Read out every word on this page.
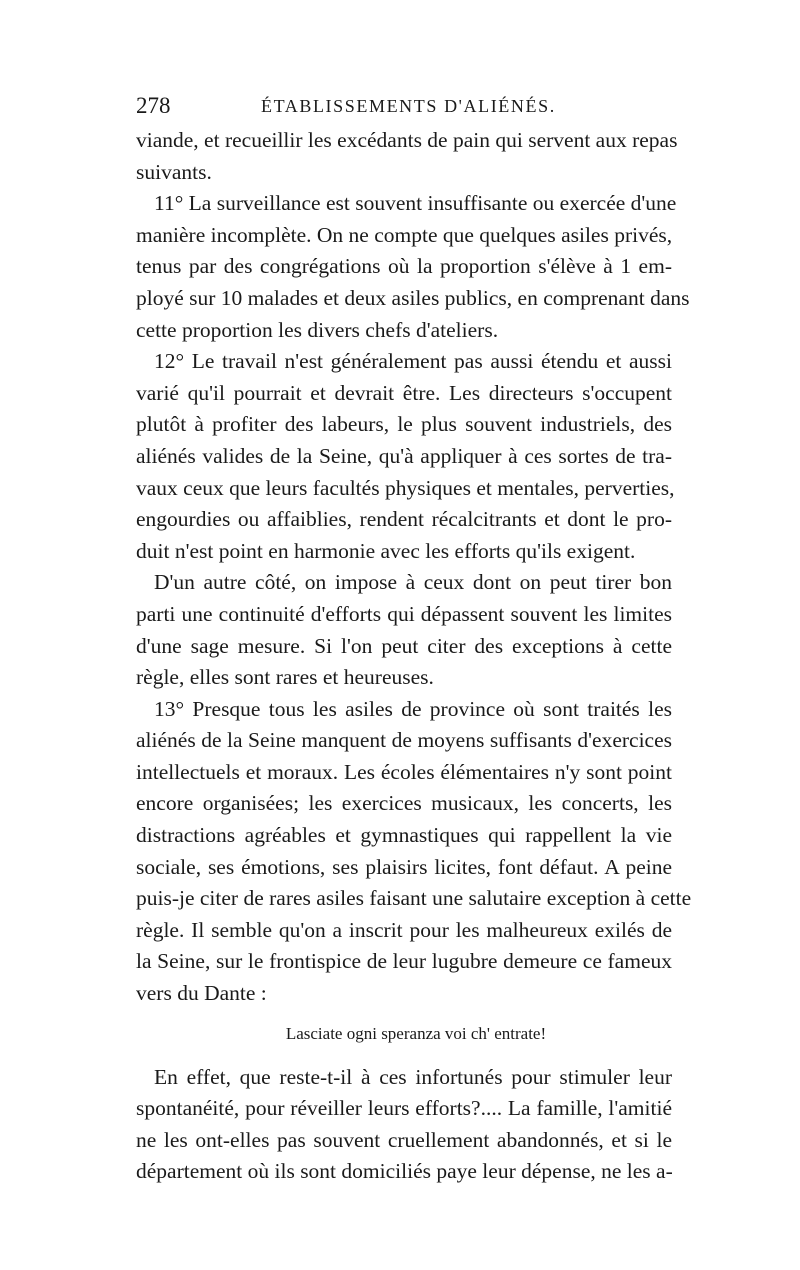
278	ÉTABLISSEMENTS D'ALIÉNÉS.
viande, et recueillir les excédants de pain qui servent aux repas
suivants.
11° La surveillance est souvent insuffisante ou exercée d'une
manière incomplète. On ne compte que quelques asiles privés,
tenus par des congrégations où la proportion s'élève à 1 em-
ployé sur 10 malades et deux asiles publics, en comprenant dans
cette proportion les divers chefs d'ateliers.
12° Le travail n'est généralement pas aussi étendu et aussi
varié qu'il pourrait et devrait être. Les directeurs s'occupent
plutôt à profiter des labeurs, le plus souvent industriels, des
aliénés valides de la Seine, qu'à appliquer à ces sortes de tra-
vaux ceux que leurs facultés physiques et mentales, perverties,
engourdies ou affaiblies, rendent récalcitrants et dont le pro-
duit n'est point en harmonie avec les efforts qu'ils exigent.
D'un autre côté, on impose à ceux dont on peut tirer bon
parti une continuité d'efforts qui dépassent souvent les limites
d'une sage mesure. Si l'on peut citer des exceptions à cette
règle, elles sont rares et heureuses.
13° Presque tous les asiles de province où sont traités les
aliénés de la Seine manquent de moyens suffisants d'exercices
intellectuels et moraux. Les écoles élémentaires n'y sont point
encore organisées; les exercices musicaux, les concerts, les
distractions agréables et gymnastiques qui rappellent la vie
sociale, ses émotions, ses plaisirs licites, font défaut. A peine
puis-je citer de rares asiles faisant une salutaire exception à cette
règle. Il semble qu'on a inscrit pour les malheureux exilés de
la Seine, sur le frontispice de leur lugubre demeure ce fameux
vers du Dante :
Lasciate ogni speranza voi ch' entrate!
En effet, que reste-t-il à ces infortunés pour stimuler leur
spontanéité, pour réveiller leurs efforts?.... La famille, l'amitié
ne les ont-elles pas souvent cruellement abandonnés, et si le
département où ils sont domiciliés paye leur dépense, ne les a-
